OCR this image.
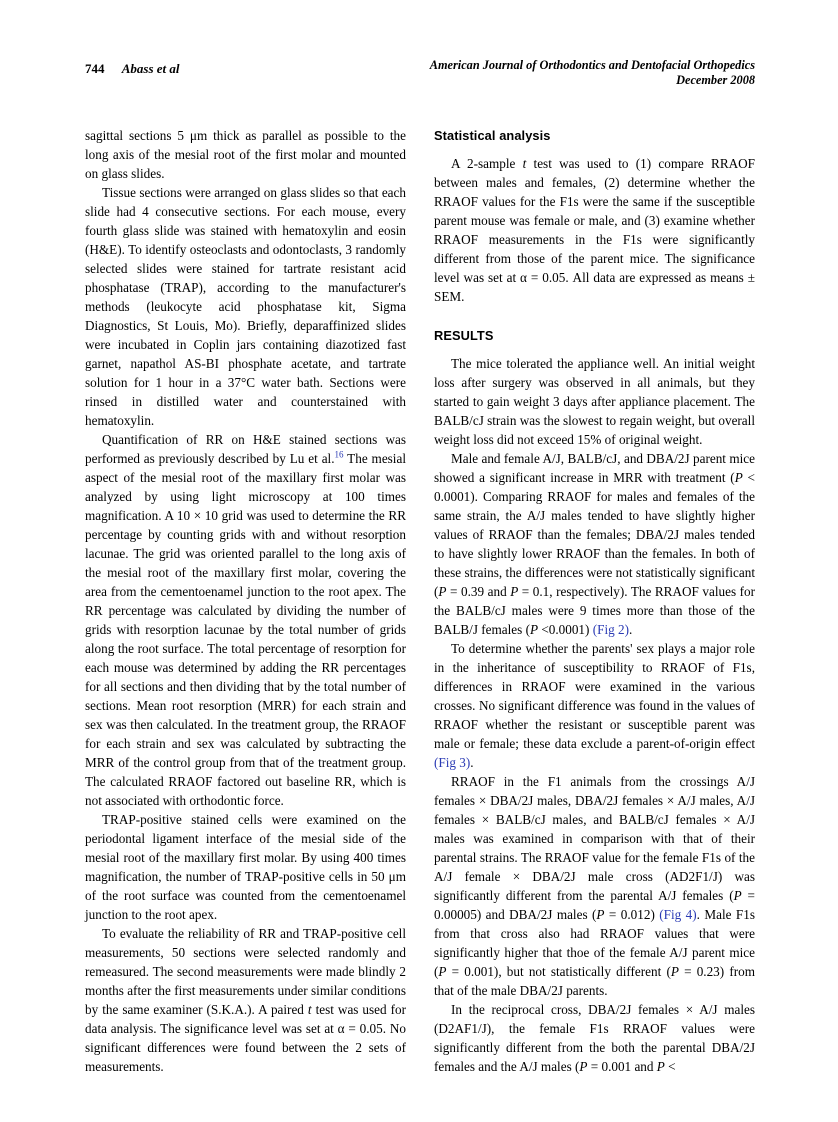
744 Abass et al	American Journal of Orthodontics and Dentofacial Orthopedics
December 2008

sagittal sections 5 μm thick as parallel as possible to the long axis of the mesial root of the first molar and mounted on glass slides.

Tissue sections were arranged on glass slides so that each slide had 4 consecutive sections. For each mouse, every fourth glass slide was stained with hematoxylin and eosin (H&E). To identify osteoclasts and odontoclasts, 3 randomly selected slides were stained for tartrate resistant acid phosphatase (TRAP), according to the manufacturer's methods (leukocyte acid phosphatase kit, Sigma Diagnostics, St Louis, Mo). Briefly, deparaffinized slides were incubated in Coplin jars containing diazotized fast garnet, napathol AS-BI phosphate acetate, and tartrate solution for 1 hour in a 37°C water bath. Sections were rinsed in distilled water and counterstained with hematoxylin.

Quantification of RR on H&E stained sections was performed as previously described by Lu et al.$^{16}$ The mesial aspect of the mesial root of the maxillary first molar was analyzed by using light microscopy at 100 times magnification. A 10 × 10 grid was used to determine the RR percentage by counting grids with and without resorption lacunae. The grid was oriented parallel to the long axis of the mesial root of the maxillary first molar, covering the area from the cementoenamel junction to the root apex. The RR percentage was calculated by dividing the number of grids with resorption lacunae by the total number of grids along the root surface. The total percentage of resorption for each mouse was determined by adding the RR percentages for all sections and then dividing that by the total number of sections. Mean root resorption (MRR) for each strain and sex was then calculated. In the treatment group, the RRAOF for each strain and sex was calculated by subtracting the MRR of the control group from that of the treatment group. The calculated RRAOF factored out baseline RR, which is not associated with orthodontic force.

TRAP-positive stained cells were examined on the periodontal ligament interface of the mesial side of the mesial root of the maxillary first molar. By using 400 times magnification, the number of TRAP-positive cells in 50 μm of the root surface was counted from the cementoenamel junction to the root apex.

To evaluate the reliability of RR and TRAP-positive cell measurements, 50 sections were selected randomly and remeasured. The second measurements were made blindly 2 months after the first measurements under similar conditions by the same examiner (S.K.A.). A paired t test was used for data analysis. The significance level was set at α = 0.05. No significant differences were found between the 2 sets of measurements.

Statistical analysis

A 2-sample t test was used to (1) compare RRAOF between males and females, (2) determine whether the RRAOF values for the F1s were the same if the susceptible parent mouse was female or male, and (3) examine whether RRAOF measurements in the F1s were significantly different from those of the parent mice. The significance level was set at α = 0.05. All data are expressed as means ± SEM.

RESULTS

The mice tolerated the appliance well. An initial weight loss after surgery was observed in all animals, but they started to gain weight 3 days after appliance placement. The BALB/cJ strain was the slowest to regain weight, but overall weight loss did not exceed 15% of original weight.

Male and female A/J, BALB/cJ, and DBA/2J parent mice showed a significant increase in MRR with treatment (P < 0.0001). Comparing RRAOF for males and females of the same strain, the A/J males tended to have slightly higher values of RRAOF than the females; DBA/2J males tended to have slightly lower RRAOF than the females. In both of these strains, the differences were not statistically significant (P = 0.39 and P = 0.1, respectively). The RRAOF values for the BALB/cJ males were 9 times more than those of the BALB/J females (P <0.0001) (Fig 2).

To determine whether the parents' sex plays a major role in the inheritance of susceptibility to RRAOF of F1s, differences in RRAOF were examined in the various crosses. No significant difference was found in the values of RRAOF whether the resistant or susceptible parent was male or female; these data exclude a parent-of-origin effect (Fig 3).

RRAOF in the F1 animals from the crossings A/J females × DBA/2J males, DBA/2J females × A/J males, A/J females × BALB/cJ males, and BALB/cJ females × A/J males was examined in comparison with that of their parental strains. The RRAOF value for the female F1s of the A/J female × DBA/2J male cross (AD2F1/J) was significantly different from the parental A/J females (P = 0.00005) and DBA/2J males (P = 0.012) (Fig 4). Male F1s from that cross also had RRAOF values that were significantly higher that thoe of the female A/J parent mice (P = 0.001), but not statistically different (P = 0.23) from that of the male DBA/2J parents.

In the reciprocal cross, DBA/2J females × A/J males (D2AF1/J), the female F1s RRAOF values were significantly different from the both the parental DBA/2J females and the A/J males (P = 0.001 and P <
